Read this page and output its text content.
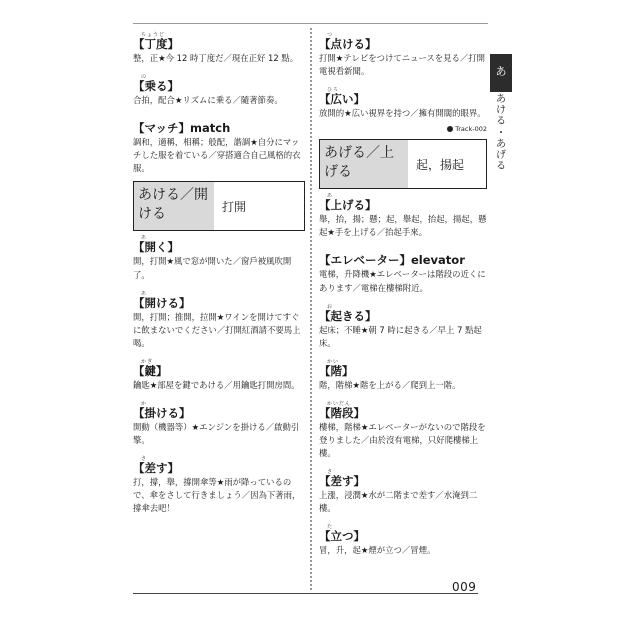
009
あ
あ
け
る
・
あ
げ
る
ちょうど
【丁度】
整，正★今 12 時丁度だ／現在正好 12 點。
の
【乗る】
合拍，配合★リズムに乗る／隨著節奏。
【マッチ】match
調和，適稱，相稱；般配，諧調★自分にマッチした服を着ている／穿搭適合自己風格的衣服。
あける／開ける	打開
あ
【開く】
開，打開★風で窓が開いた／窗戶被風吹開了。
あ
【開ける】
開，打開；推開，拉開★ワインを開けてすぐに飲まないでください／打開紅酒請不要馬上喝。
かぎ
【鍵】
鑰匙★部屋を鍵であける／用鑰匙打開房間。
か
【掛ける】
開動（機器等）★エンジンを掛ける／啟動引擎。
さ
【差す】
打，撐，舉，撐開傘等★雨が降っているので、傘をさして行きましょう／因為下著雨，撐傘去吧！
つ
【点ける】
打開★テレビをつけてニュースを見る／打開電視看新聞。
ひろ
【広い】
放開的★広い視界を持つ／擁有開闊的眼界。
Track-002
あげる／上げる	起，揚起
あ
【上げる】
舉，抬，揚；懸；起，舉起，抬起，揚起，懸起★手を上げる／抬起手來。
【エレベーター】elevator
電梯，升降機★エレベーターは階段の近くにあります／電梯在樓梯附近。
お
【起きる】
起床；不睡★朝 7 時に起きる／早上 7 點起床。
かい
【階】
階，階梯★階を上がる／爬到上一階。
かいだん
【階段】
樓梯，階梯★エレベーターがないので階段を登りました／由於沒有電梯，只好爬樓梯上樓。
さ
【差す】
上漲，浸潤★水が二階まで差す／水淹到二樓。
た
【立つ】
冒，升，起★煙が立つ／冒煙。
